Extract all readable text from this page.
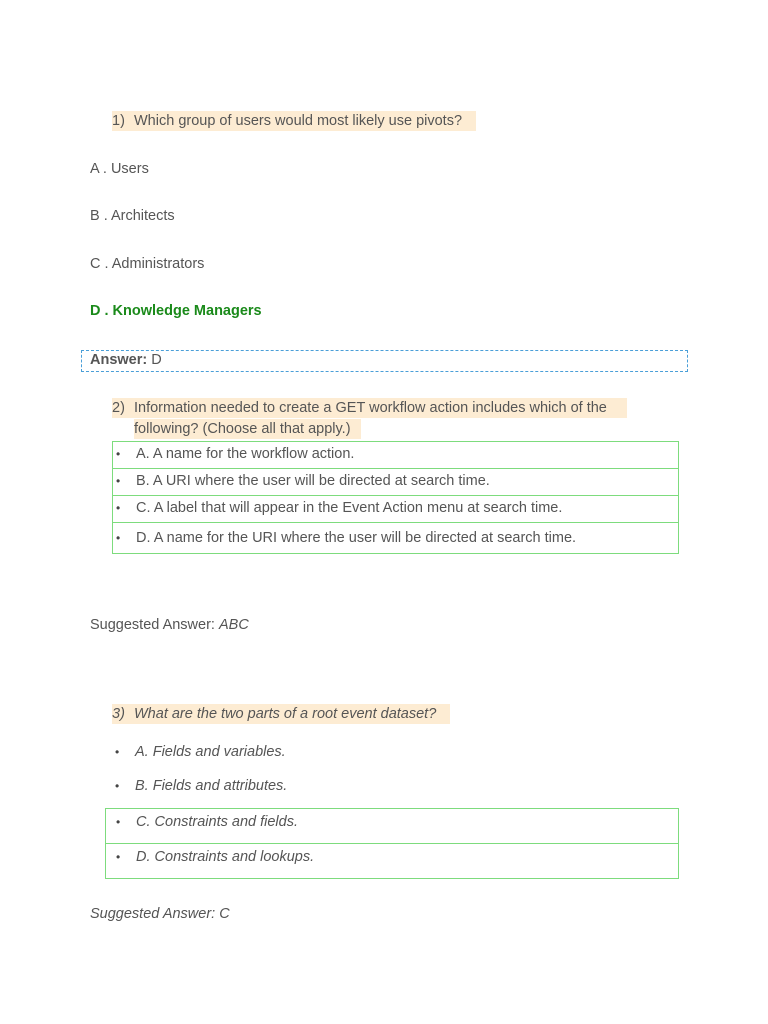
1) Which group of users would most likely use pivots?
A . Users
B . Architects
C . Administrators
D . Knowledge Managers
Answer: D
2) Information needed to create a GET workflow action includes which of the
following? (Choose all that apply.)
• A. A name for the workflow action.
• B. A URI where the user will be directed at search time.
• C. A label that will appear in the Event Action menu at search time.
• D. A name for the URI where the user will be directed at search time.
Suggested Answer: ABC
3) What are the two parts of a root event dataset?
• A. Fields and variables.
• B. Fields and attributes.
• C. Constraints and fields.
• D. Constraints and lookups.
Suggested Answer: C
